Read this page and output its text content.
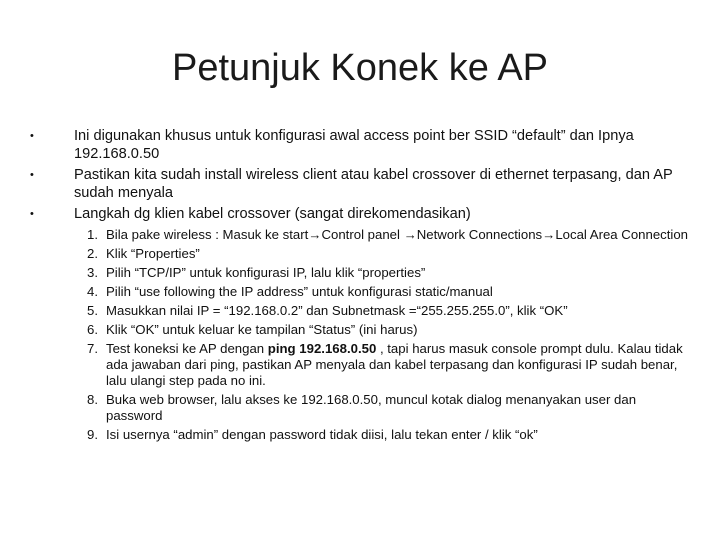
Petunjuk Konek ke AP
•	Ini digunakan khusus untuk konfigurasi awal access point ber SSID “default” dan Ipnya 192.168.0.50
•	Pastikan kita sudah install wireless client atau kabel crossover di ethernet terpasang, dan AP sudah menyala
•	Langkah dg klien kabel crossover (sangat direkomendasikan)
1. Bila pake wireless : Masuk ke start→Control panel →Network Connections→Local Area Connection
2. Klik “Properties”
3. Pilih “TCP/IP” untuk konfigurasi IP, lalu klik “properties”
4. Pilih “use following the IP address” untuk konfigurasi static/manual
5. Masukkan nilai IP = “192.168.0.2” dan Subnetmask =“255.255.255.0”, klik “OK”
6. Klik “OK” untuk keluar ke tampilan “Status” (ini harus)
7. Test koneksi ke AP dengan ping 192.168.0.50 , tapi harus masuk console prompt dulu. Kalau tidak ada jawaban dari ping, pastikan AP menyala dan kabel terpasang dan konfigurasi IP sudah benar, lalu ulangi step pada no ini.
8. Buka web browser, lalu akses ke 192.168.0.50, muncul kotak dialog menanyakan user dan password
9. Isi usernya “admin” dengan password tidak diisi, lalu tekan enter / klik “ok”
